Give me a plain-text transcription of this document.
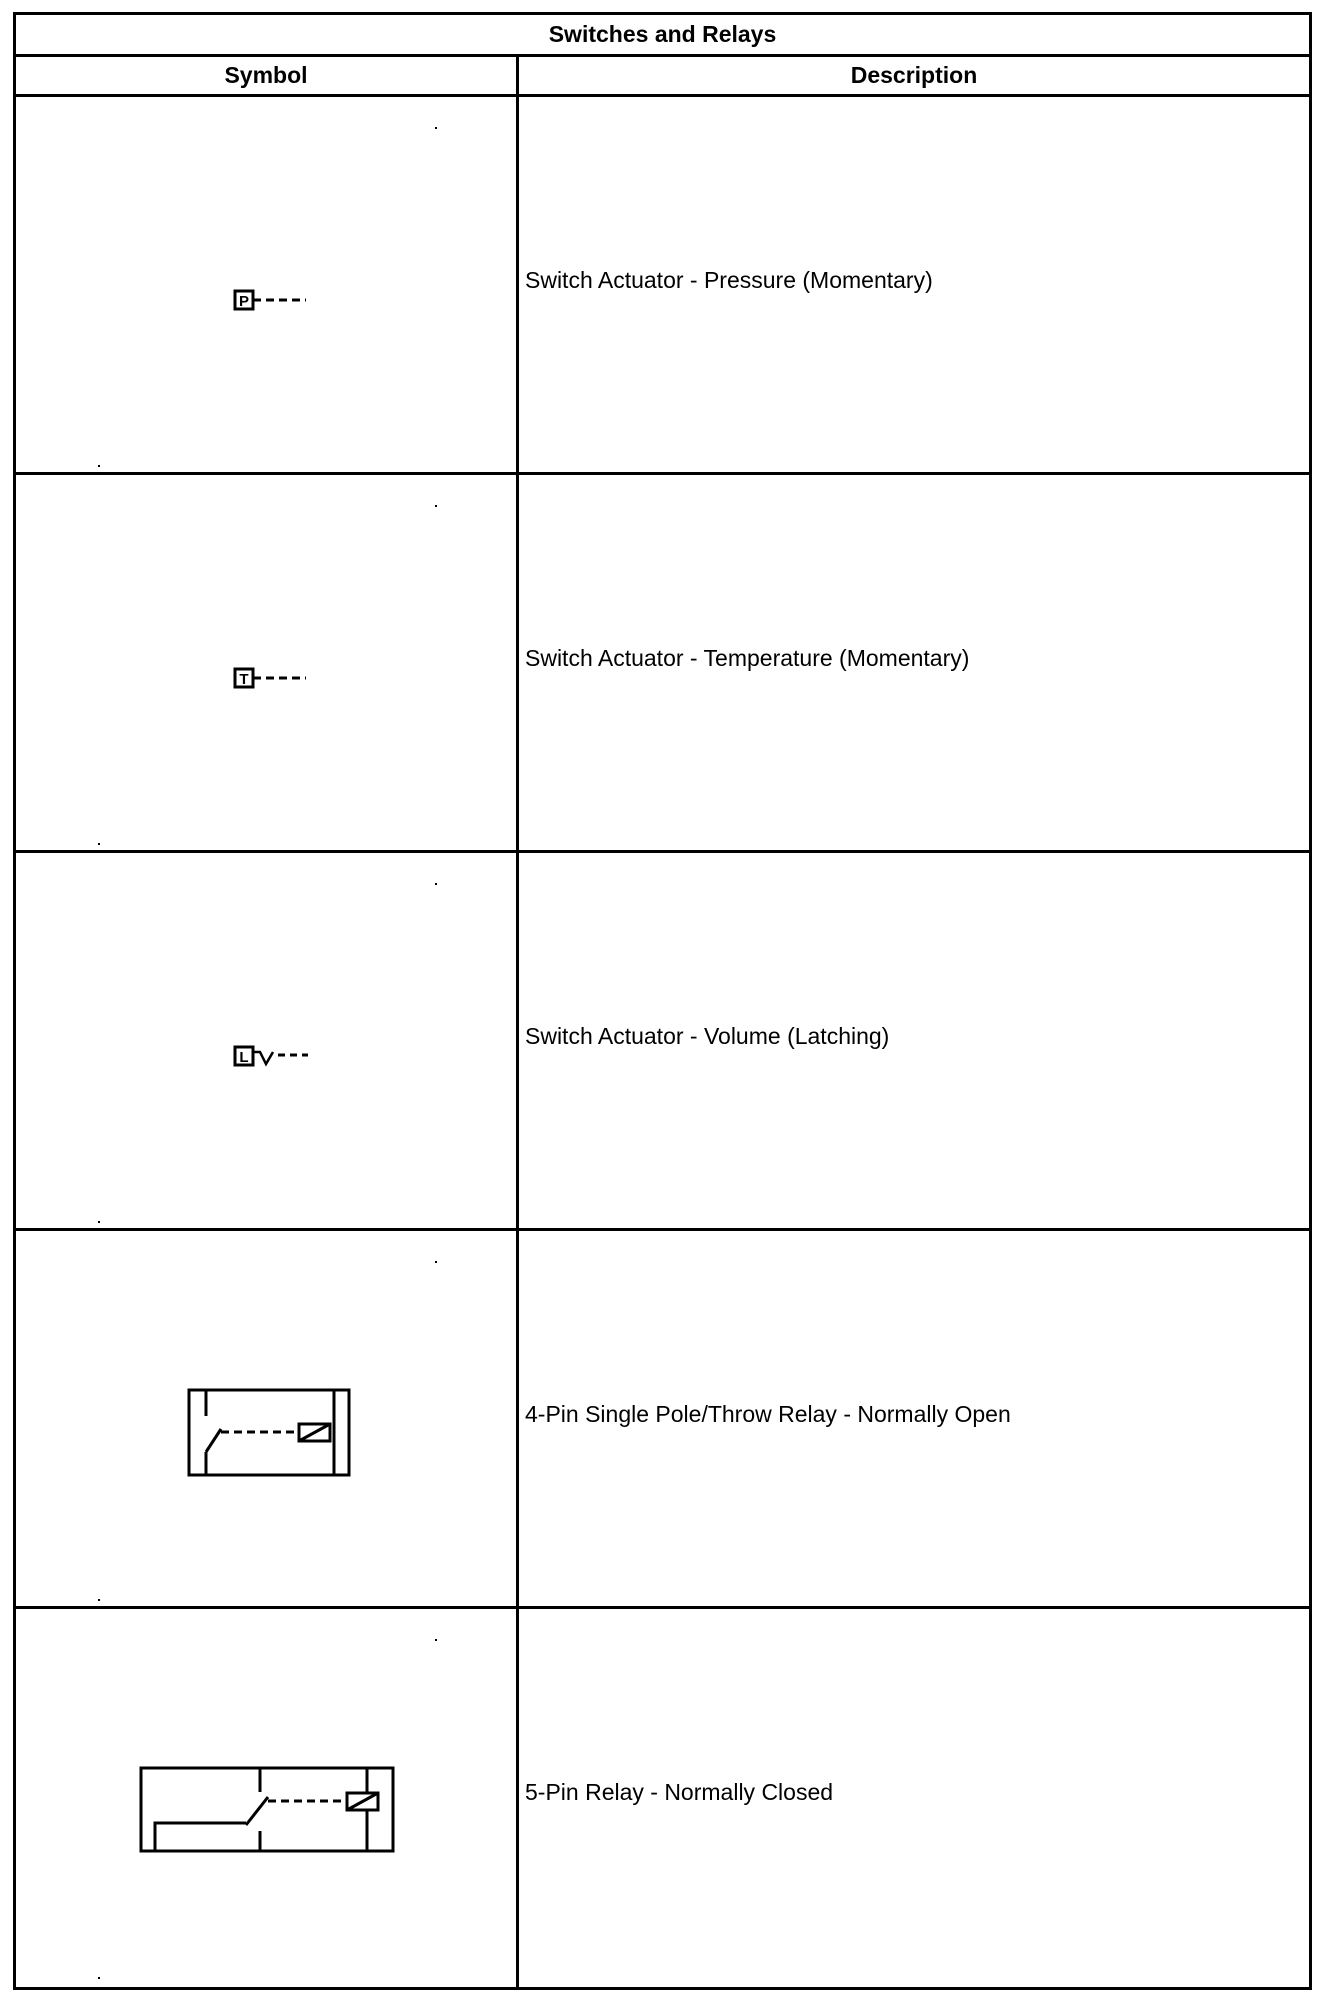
Switches and Relays
Symbol	Description
P
Switch Actuator - Pressure (Momentary)
T
Switch Actuator - Temperature (Momentary)
L
Switch Actuator - Volume (Latching)
4-Pin Single Pole/Throw Relay - Normally Open
5-Pin Relay - Normally Closed
